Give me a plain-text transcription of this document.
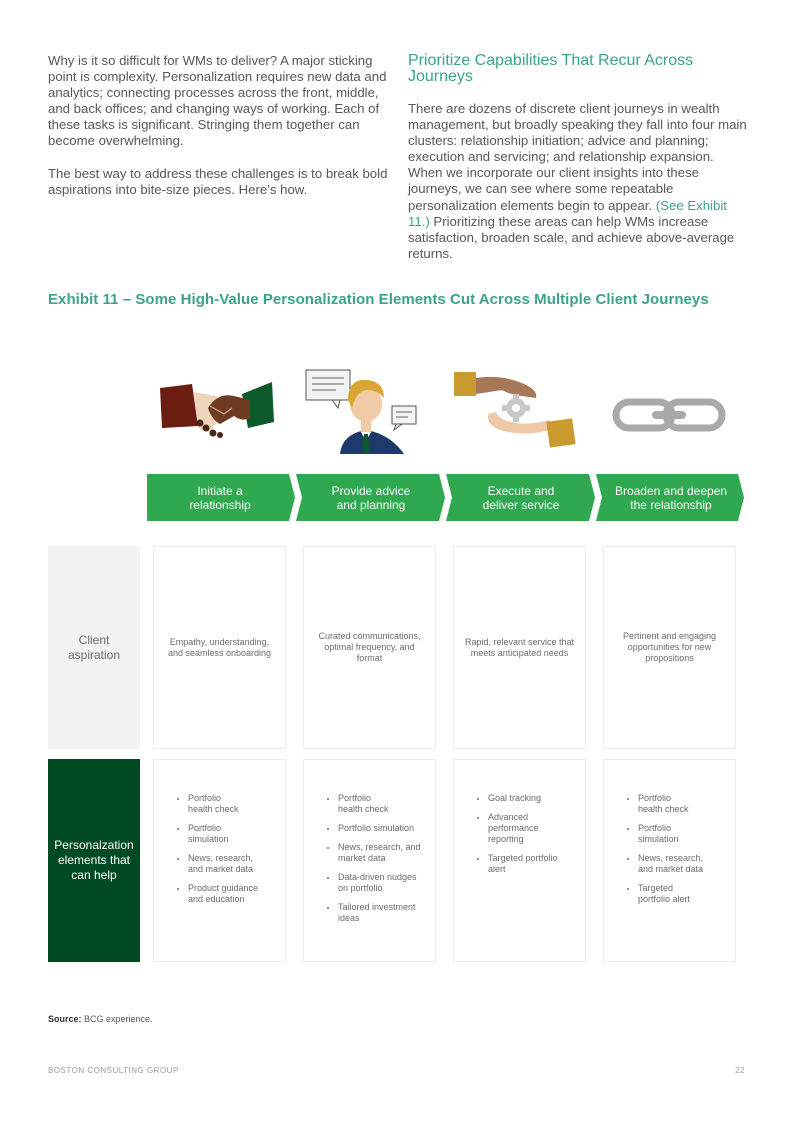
Why is it so difficult for WMs to deliver? A major sticking point is complexity. Personalization requires new data and analytics; connecting processes across the front, middle, and back offices; and changing ways of working. Each of these tasks is significant. Stringing them together can become overwhelming.

The best way to address these challenges is to break bold aspirations into bite-size pieces. Here’s how.

Prioritize Capabilities That Recur Across Journeys

There are dozens of discrete client journeys in wealth management, but broadly speaking they fall into four main clusters: relationship initiation; advice and planning; execution and servicing; and relationship expansion. When we incorporate our client insights into these journeys, we can see where some repeatable personalization elements begin to appear. (See Exhibit 11.) Prioritizing these areas can help WMs increase satisfaction, broaden scale, and achieve above-average returns.

Exhibit 11 – Some High-Value Personalization Elements Cut Across Multiple Client Journeys
Initiate a
relationship
Provide advice
and planning
Execute and
deliver service
Broaden and deepen
the relationship
Client
aspiration
Personalzation
elements that
can help
Empathy, understanding,
and seamless onboarding
Curated communications,
optimal frequency, and
format
Rapid, relevant service that
meets anticipated needs
Pertinent and engaging
opportunities for new
propositions
• Portfolio
health check
• Portfolio
simulation
• News, research,
and market data
• Product guidance
and education
• Portfolio
health check
• Portfolio simulation
• News, research, and
market data
• Data-driven nudges
on portfolio
• Tailored investment
ideas
• Goal tracking
• Advanced
performance
reporting
• Targeted portfolio
alert
• Portfolio
health check
• Portfolio
simulation
• News, research,
and market data
• Targeted
portfolio alert
Source: BCG experience.
BOSTON CONSULTING GROUP	22
